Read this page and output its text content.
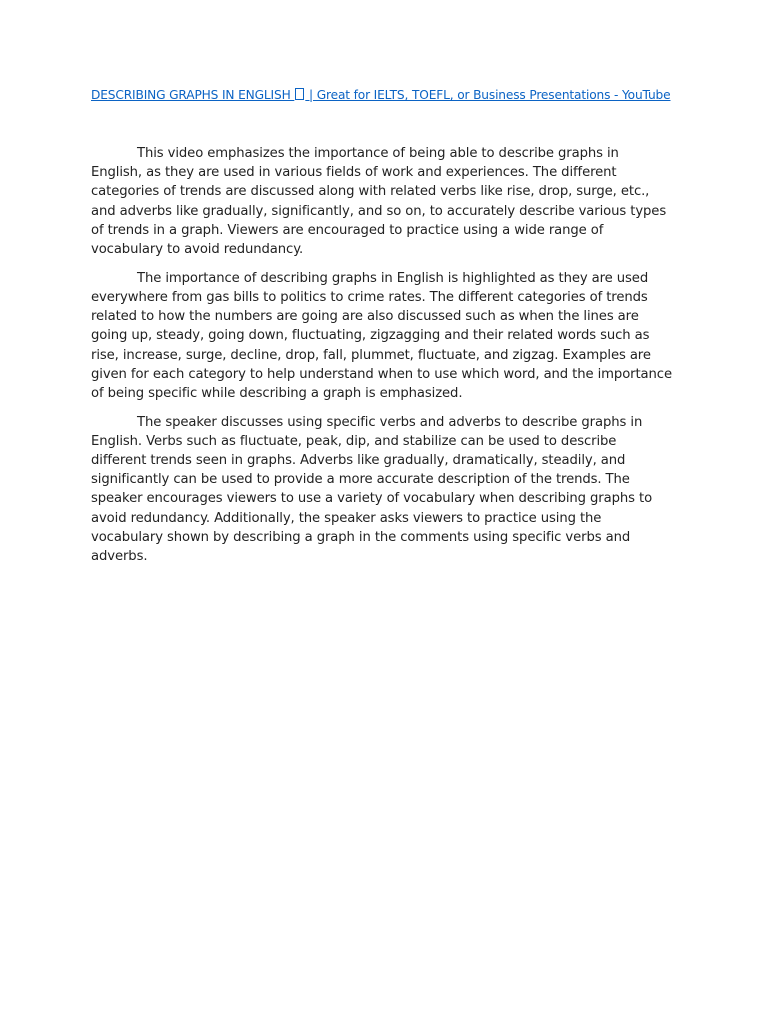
DESCRIBING GRAPHS IN ENGLISH  | Great for IELTS, TOEFL, or Business Presentations - YouTube

This video emphasizes the importance of being able to describe graphs in English, as they are used in various fields of work and experiences. The different categories of trends are discussed along with related verbs like rise, drop, surge, etc., and adverbs like gradually, significantly, and so on, to accurately describe various types of trends in a graph. Viewers are encouraged to practice using a wide range of vocabulary to avoid redundancy.

The importance of describing graphs in English is highlighted as they are used everywhere from gas bills to politics to crime rates. The different categories of trends related to how the numbers are going are also discussed such as when the lines are going up, steady, going down, fluctuating, zigzagging and their related words such as rise, increase, surge, decline, drop, fall, plummet, fluctuate, and zigzag. Examples are given for each category to help understand when to use which word, and the importance of being specific while describing a graph is emphasized.

The speaker discusses using specific verbs and adverbs to describe graphs in English. Verbs such as fluctuate, peak, dip, and stabilize can be used to describe different trends seen in graphs. Adverbs like gradually, dramatically, steadily, and significantly can be used to provide a more accurate description of the trends. The speaker encourages viewers to use a variety of vocabulary when describing graphs to avoid redundancy. Additionally, the speaker asks viewers to practice using the vocabulary shown by describing a graph in the comments using specific verbs and adverbs.
